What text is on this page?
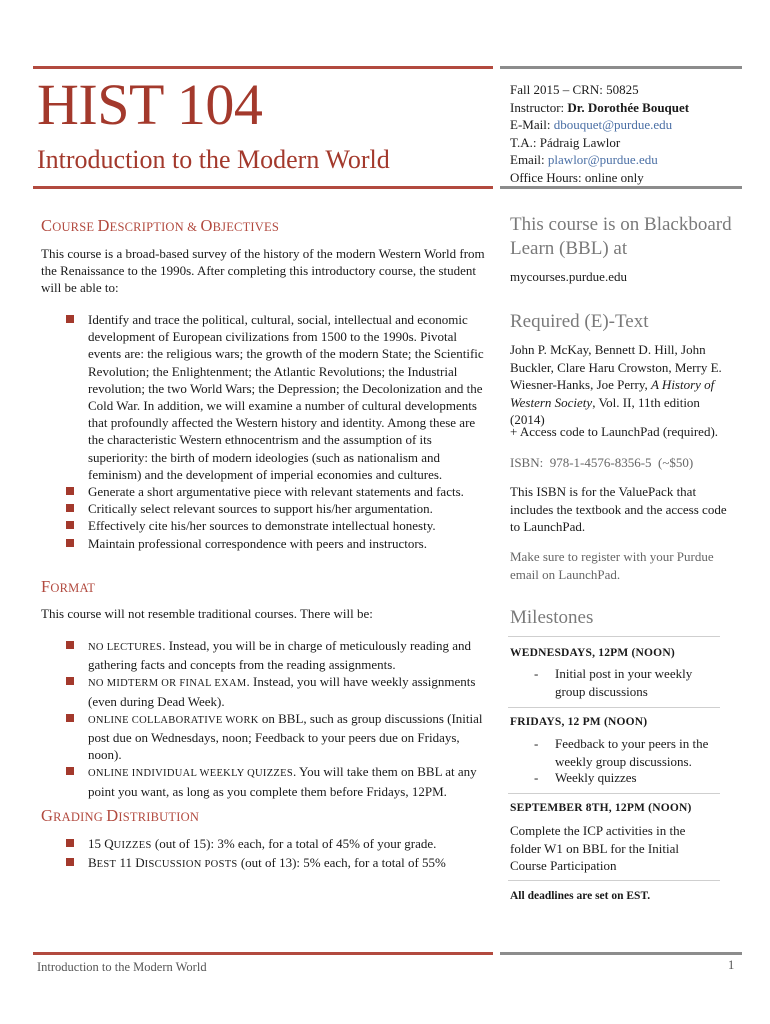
HIST 104
Introduction to the Modern World
Fall 2015 – CRN: 50825
Instructor: Dr. Dorothée Bouquet
E-Mail: dbouquet@purdue.edu
T.A.: Pádraig Lawlor
Email: plawlor@purdue.edu
Office Hours: online only
COURSE DESCRIPTION & OBJECTIVES
This course is a broad-based survey of the history of the modern Western World from the Renaissance to the 1990s. After completing this introductory course, the student will be able to:
Identify and trace the political, cultural, social, intellectual and economic development of European civilizations from 1500 to the 1990s. Pivotal events are: the religious wars; the growth of the modern State; the Scientific Revolution; the Enlightenment; the Atlantic Revolutions; the Industrial revolution; the two World Wars; the Depression; the Decolonization and the Cold War. In addition, we will examine a number of cultural developments that profoundly affected the Western history and identity. Among these are the characteristic Western ethnocentrism and the assumption of its superiority: the birth of modern ideologies (such as nationalism and feminism) and the development of imperial economies and cultures.
Generate a short argumentative piece with relevant statements and facts.
Critically select relevant sources to support his/her argumentation.
Effectively cite his/her sources to demonstrate intellectual honesty.
Maintain professional correspondence with peers and instructors.
FORMAT
This course will not resemble traditional courses. There will be:
NO LECTURES. Instead, you will be in charge of meticulously reading and gathering facts and concepts from the reading assignments.
NO MIDTERM OR FINAL EXAM. Instead, you will have weekly assignments (even during Dead Week).
ONLINE COLLABORATIVE WORK on BBL, such as group discussions (Initial post due on Wednesdays, noon; Feedback to your peers due on Fridays, noon).
ONLINE INDIVIDUAL WEEKLY QUIZZES. You will take them on BBL at any point you want, as long as you complete them before Fridays, 12PM.
GRADING DISTRIBUTION
15 QUIZZES (out of 15): 3% each, for a total of 45% of your grade.
BEST 11 DISCUSSION POSTS (out of 13): 5% each, for a total of 55%
This course is on Blackboard Learn (BBL) at
mycourses.purdue.edu
Required (E)-Text
John P. McKay, Bennett D. Hill, John Buckler, Clare Haru Crowston, Merry E. Wiesner-Hanks, Joe Perry, A History of Western Society, Vol. II, 11th edition (2014)
+ Access code to LaunchPad (required).
ISBN:  978-1-4576-8356-5  (~$50)
This ISBN is for the ValuePack that includes the textbook and the access code to LaunchPad.
Make sure to register with your Purdue email on LaunchPad.
Milestones
WEDNESDAYS, 12PM (NOON)
-	Initial post in your weekly group discussions
FRIDAYS, 12 PM (NOON)
-	Feedback to your peers in the weekly group discussions.
-	Weekly quizzes
SEPTEMBER 8TH, 12PM (NOON)
Complete the ICP activities in the folder W1 on BBL for the Initial Course Participation
All deadlines are set on EST.
Introduction to the Modern World	1
